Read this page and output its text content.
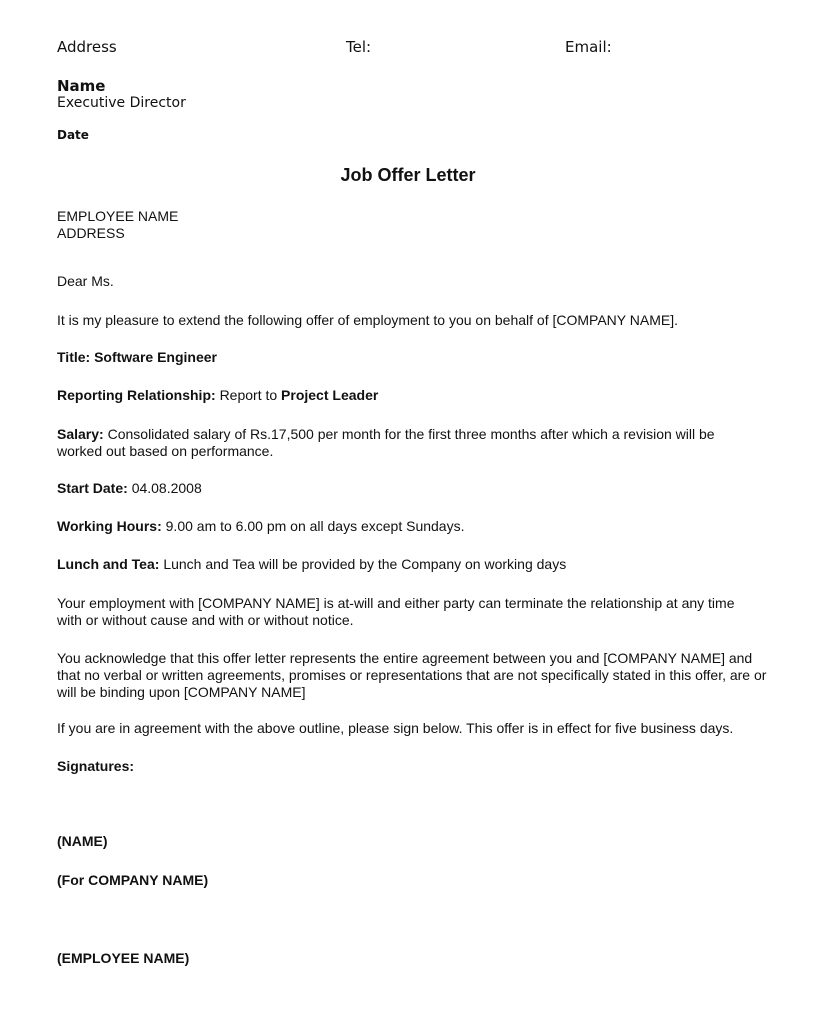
Address	Tel:	Email:
Name
Executive Director
Date
Job Offer Letter
EMPLOYEE NAME
ADDRESS
Dear Ms.
It is my pleasure to extend the following offer of employment to you on behalf of [COMPANY NAME].
Title: Software Engineer
Reporting Relationship: Report to Project Leader
Salary: Consolidated salary of Rs.17,500 per month for the first three months after which a revision will be worked out based on performance.
Start Date: 04.08.2008
Working Hours: 9.00 am to 6.00 pm on all days except Sundays.
Lunch and Tea: Lunch and Tea will be provided by the Company on working days
Your employment with [COMPANY NAME] is at-will and either party can terminate the relationship at any time with or without cause and with or without notice.
You acknowledge that this offer letter represents the entire agreement between you and [COMPANY NAME] and that no verbal or written agreements, promises or representations that are not specifically stated in this offer, are or will be binding upon [COMPANY NAME]
If you are in agreement with the above outline, please sign below. This offer is in effect for five business days.
Signatures:
(NAME)
(For COMPANY NAME)
(EMPLOYEE NAME)
